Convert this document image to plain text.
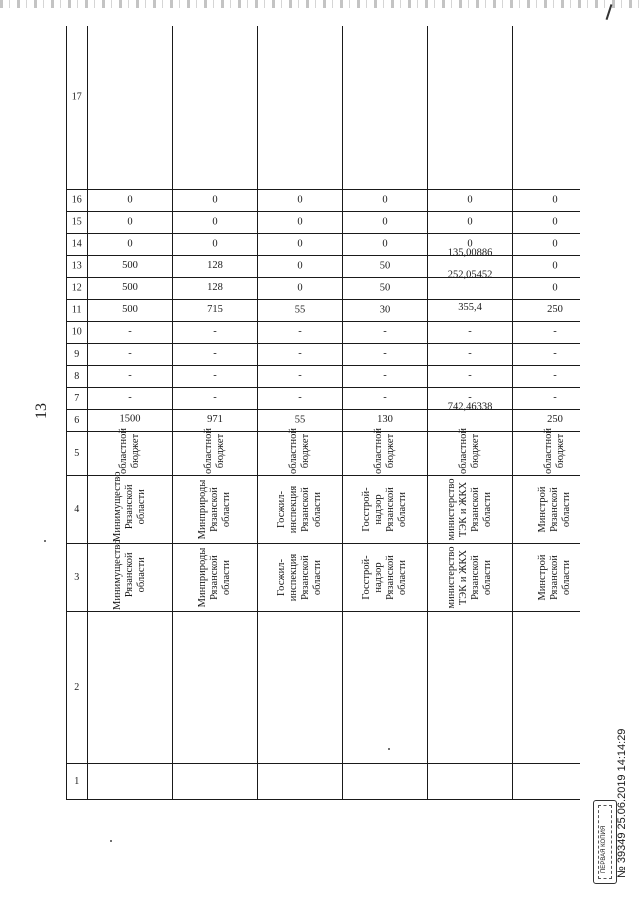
13
1	2	3	4	5	6	7	8	9	10	11	12	13	14	15	16	17
		Минимущество Рязанской области	Минимущество Рязанской области	областной бюджет	1500	-	-	-	-	500	500	500	0	0	0	
		Минприроды Рязанской области	Минприроды Рязанской области	областной бюджет	971	-	-	-	-	715	128	128	0	0	0	
		Госжил-инспекция Рязанской области	Госжил-инспекция Рязанской области	областной бюджет	55	-	-	-	-	55	0	0	0	0	0	
		Госстрой-надзор Рязанской области	Госстрой-надзор Рязанской области	областной бюджет	130	-	-	-	-	30	50	50	0	0	0	
		министерство ТЭК и ЖКХ Рязанской области	министерство ТЭК и ЖКХ Рязанской области	областной бюджет	742,46338	-	-	-	-	355,4	252,05452	135,00886	0	0	0	
		Минстрой Рязанской области	Минстрой Рязанской области	областной бюджет	250	-	-	-	-	250	0	0	0	0	0	
ПЕРВАЯ КОПИЯ № 39349 25.06.2019 14:14:29
